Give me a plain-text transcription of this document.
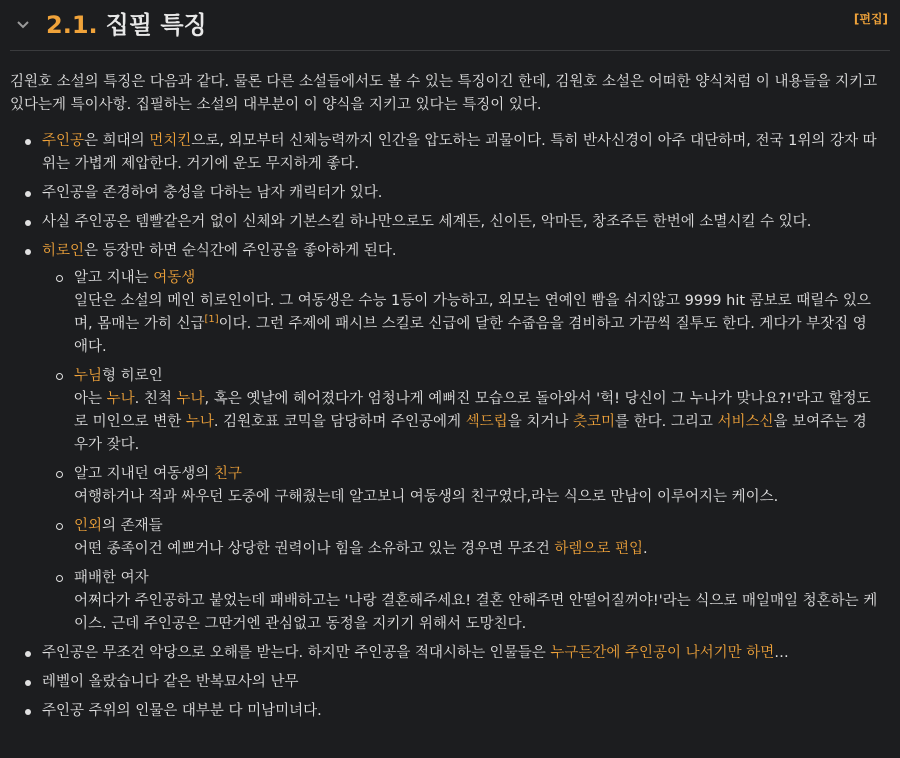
2.1. 집필 특징	[편집]
김원호 소설의 특징은 다음과 같다. 물론 다른 소설들에서도 볼 수 있는 특징이긴 한데, 김원호 소설은 어떠한 양식처럼 이 내용들을 지키고 있다는게 특이사항. 집필하는 소설의 대부분이 이 양식을 지키고 있다는 특징이 있다.
주인공은 희대의 먼치킨으로, 외모부터 신체능력까지 인간을 압도하는 괴물이다. 특히 반사신경이 아주 대단하며, 전국 1위의 강자 따위는 가볍게 제압한다. 거기에 운도 무지하게 좋다.
주인공을 존경하여 충성을 다하는 남자 캐릭터가 있다.
사실 주인공은 템빨같은거 없이 신체와 기본스킬 하나만으로도 세계든, 신이든, 악마든, 창조주든 한번에 소멸시킬 수 있다.
히로인은 등장만 하면 순식간에 주인공을 좋아하게 된다.
알고 지내는 여동생
일단은 소설의 메인 히로인이다. 그 여동생은 수능 1등이 가능하고, 외모는 연예인 빰을 쉬지않고 9999 hit 콤보로 때릴수 있으며, 몸매는 가히 신급[1]이다. 그런 주제에 패시브 스킬로 신급에 달한 수줍음을 겸비하고 가끔씩 질투도 한다. 게다가 부잣집 영애다.
누님형 히로인
아는 누나. 친척 누나, 혹은 옛날에 헤어졌다가 엄청나게 예뻐진 모습으로 돌아와서 '헉! 당신이 그 누나가 맞나요?!'라고 할정도로 미인으로 변한 누나. 김원호표 코믹을 담당하며 주인공에게 섹드립을 치거나 츳코미를 한다. 그리고 서비스신을 보여주는 경우가 잦다.
알고 지내던 여동생의 친구
여행하거나 적과 싸우던 도중에 구해줬는데 알고보니 여동생의 친구였다,라는 식으로 만남이 이루어지는 케이스.
인외의 존재들
어떤 종족이건 예쁘거나 상당한 권력이나 힘을 소유하고 있는 경우면 무조건 하렘으로 편입.
패배한 여자
어쩌다가 주인공하고 붙었는데 패배하고는 '나랑 결혼해주세요! 결혼 안해주면 안떨어질꺼야!'라는 식으로 매일매일 청혼하는 케이스. 근데 주인공은 그딴거엔 관심없고 동정을 지키기 위해서 도망친다.
주인공은 무조건 악당으로 오해를 받는다. 하지만 주인공을 적대시하는 인물들은 누구든간에 주인공이 나서기만 하면…
레벨이 올랐습니다 같은 반복묘사의 난무
주인공 주위의 인물은 대부분 다 미남미녀다.
